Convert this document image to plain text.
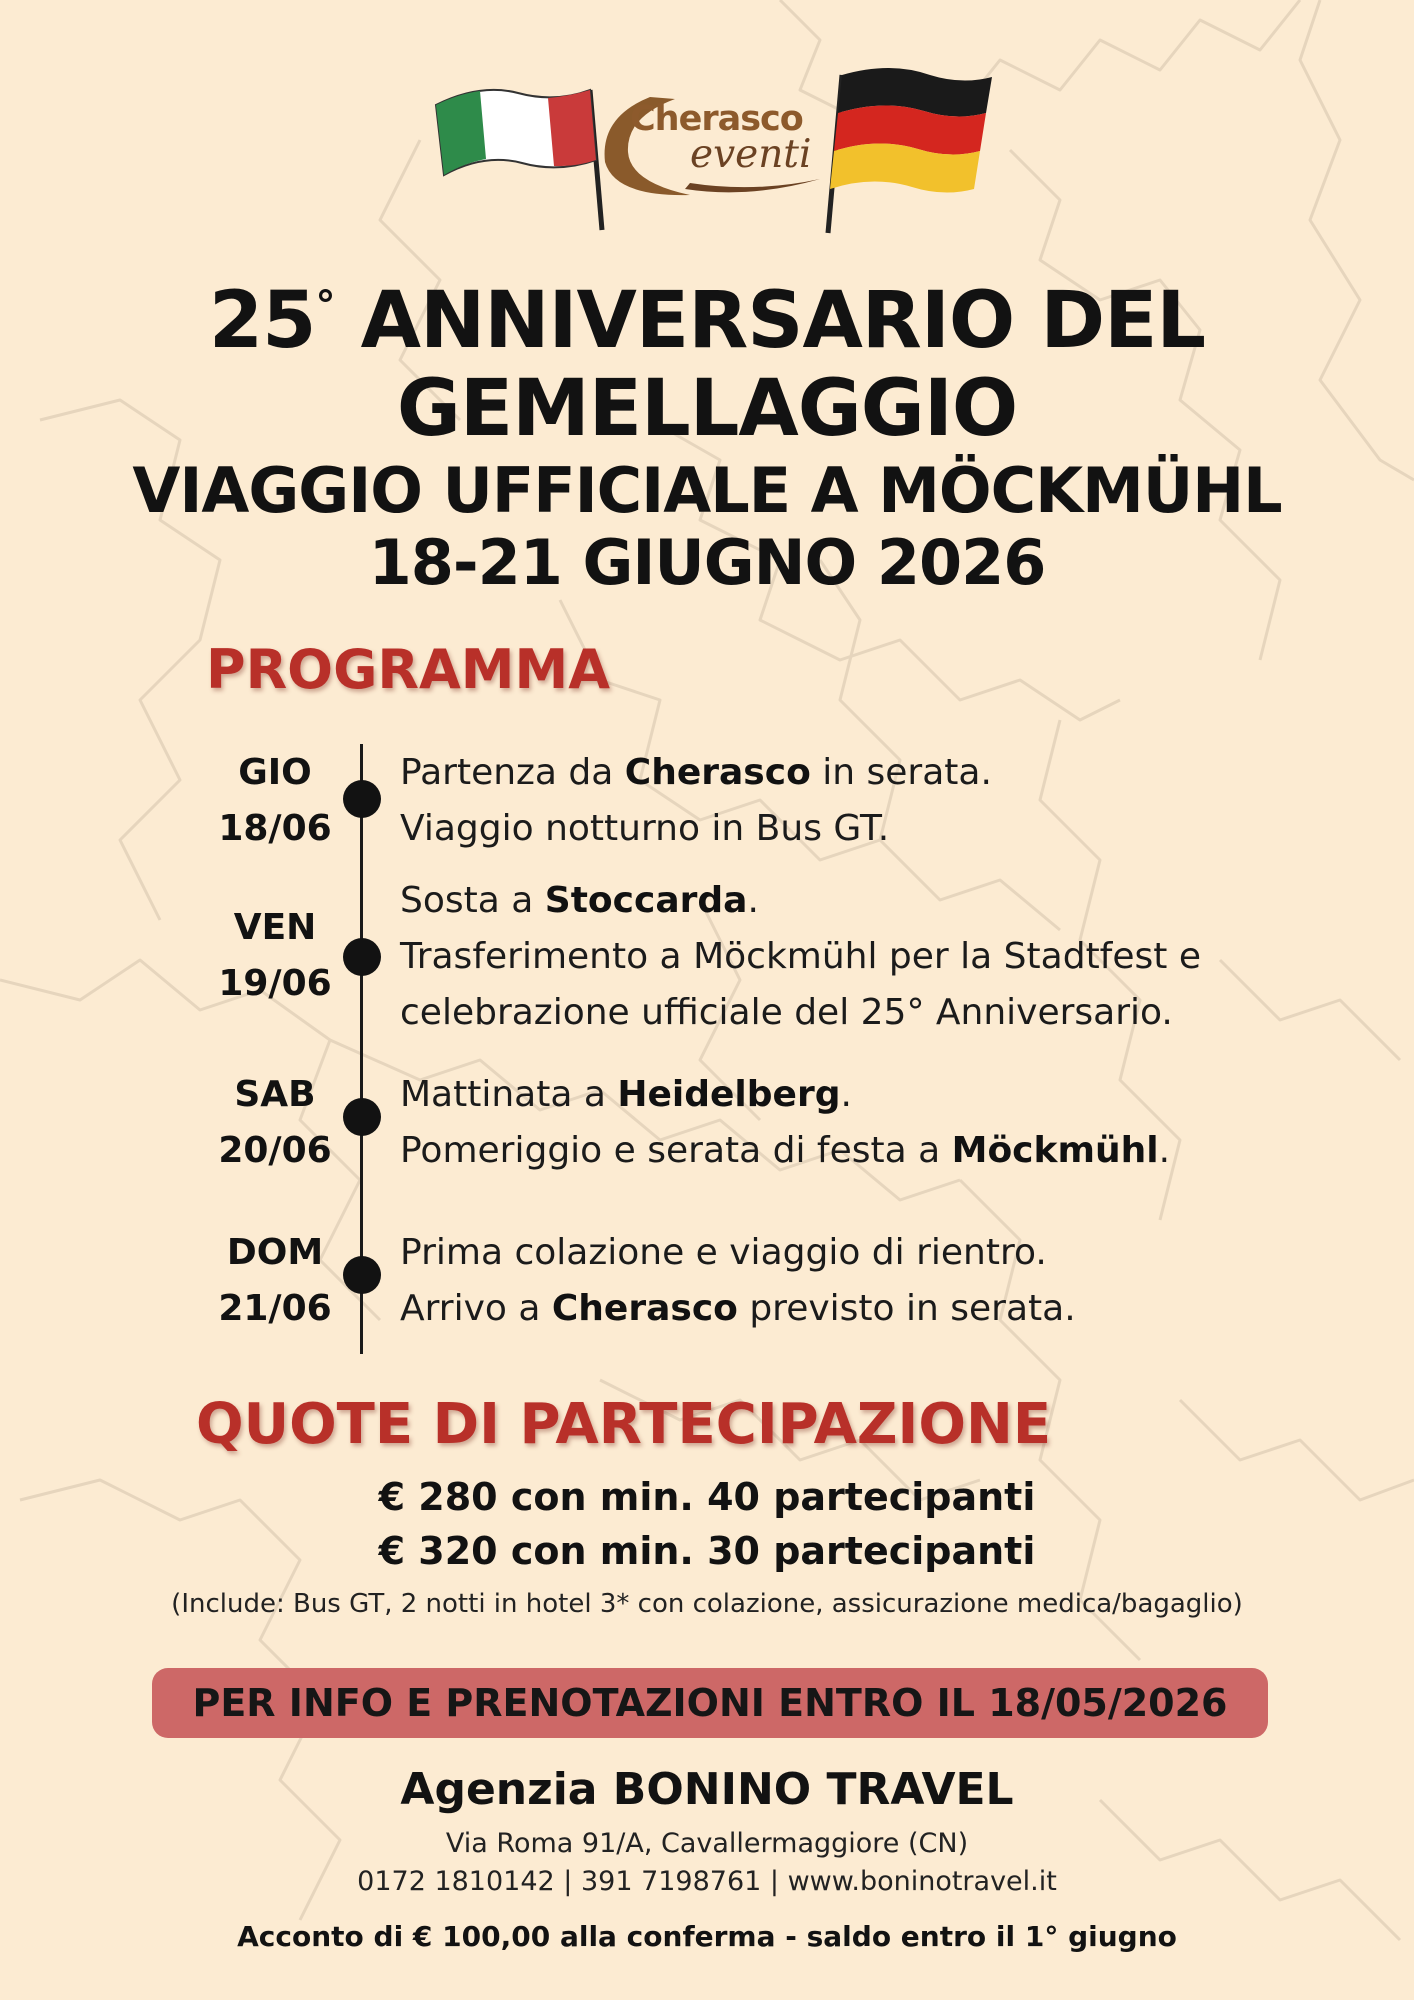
Cherasco
eventi
25° ANNIVERSARIO DEL
GEMELLAGGIO
VIAGGIO UFFICIALE A MÖCKMÜHL
18-21 GIUGNO 2026
PROGRAMMA
GIO
18/06
Partenza da Cherasco in serata.
Viaggio notturno in Bus GT.
VEN
19/06
Sosta a Stoccarda.
Trasferimento a Möckmühl per la Stadtfest e
celebrazione ufficiale del 25° Anniversario.
SAB
20/06
Mattinata a Heidelberg.
Pomeriggio e serata di festa a Möckmühl.
DOM
21/06
Prima colazione e viaggio di rientro.
Arrivo a Cherasco previsto in serata.
QUOTE DI PARTECIPAZIONE
€ 280 con min. 40 partecipanti
€ 320 con min. 30 partecipanti
(Include: Bus GT, 2 notti in hotel 3* con colazione, assicurazione medica/bagaglio)
PER INFO E PRENOTAZIONI ENTRO IL 18/05/2026
Agenzia BONINO TRAVEL
Via Roma 91/A, Cavallermaggiore (CN)
0172 1810142 | 391 7198761 | www.boninotravel.it
Acconto di € 100,00 alla conferma - saldo entro il 1° giugno
